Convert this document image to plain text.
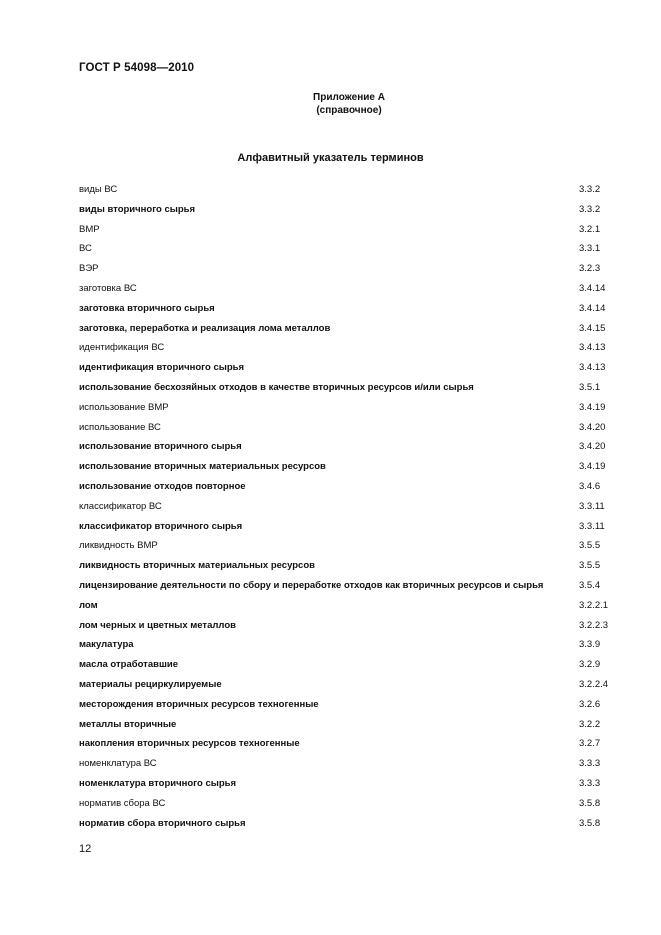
ГОСТ Р 54098—2010
Приложение А
(справочное)
Алфавитный указатель терминов
виды ВС	3.3.2
виды вторичного сырья	3.3.2
ВМР	3.2.1
ВС	3.3.1
ВЭР	3.2.3
заготовка ВС	3.4.14
заготовка вторичного сырья	3.4.14
заготовка, переработка и реализация лома металлов	3.4.15
идентификация ВС	3.4.13
идентификация вторичного сырья	3.4.13
использование бесхозяйных отходов в качестве вторичных ресурсов и/или сырья	3.5.1
использование ВМР	3.4.19
использование ВС	3.4.20
использование вторичного сырья	3.4.20
использование вторичных материальных ресурсов	3.4.19
использование отходов повторное	3.4.6
классификатор ВС	3.3.11
классификатор вторичного сырья	3.3.11
ликвидность ВМР	3.5.5
ликвидность вторичных материальных ресурсов	3.5.5
лицензирование деятельности по сбору и переработке отходов как вторичных ресурсов и сырья	3.5.4
лом	3.2.2.1
лом черных и цветных металлов	3.2.2.3
макулатура	3.3.9
масла отработавшие	3.2.9
материалы рециркулируемые	3.2.2.4
месторождения вторичных ресурсов техногенные	3.2.6
металлы вторичные	3.2.2
накопления вторичных ресурсов техногенные	3.2.7
номенклатура ВС	3.3.3
номенклатура вторичного сырья	3.3.3
норматив сбора ВС	3.5.8
норматив сбора вторичного сырья	3.5.8
12
